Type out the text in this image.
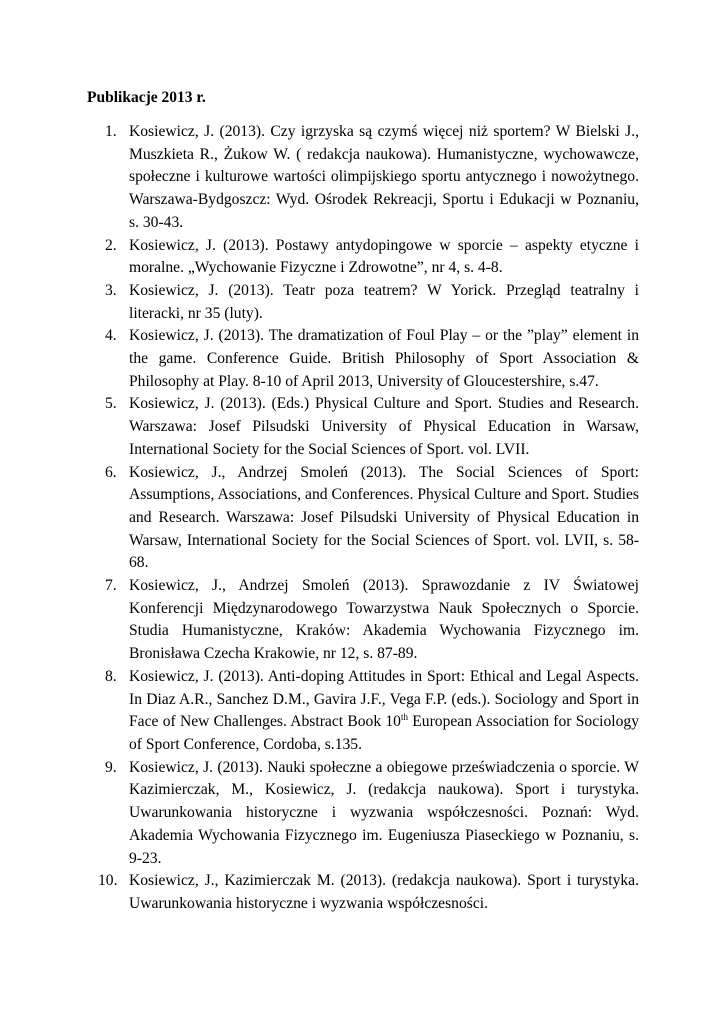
Publikacje 2013 r.
1. Kosiewicz, J. (2013). Czy igrzyska są czymś więcej niż sportem? W Bielski J., Muszkieta R., Żukow W. ( redakcja naukowa). Humanistyczne, wychowawcze, społeczne i kulturowe wartości olimpijskiego sportu antycznego i nowożytnego. Warszawa-Bydgoszcz: Wyd. Ośrodek Rekreacji, Sportu i Edukacji w Poznaniu, s. 30-43.
2. Kosiewicz, J. (2013). Postawy antydopingowe w sporcie – aspekty etyczne i moralne. „Wychowanie Fizyczne i Zdrowotne”, nr 4, s. 4-8.
3. Kosiewicz, J. (2013). Teatr poza teatrem? W Yorick. Przegląd teatralny i literacki, nr 35 (luty).
4. Kosiewicz, J. (2013). The dramatization of Foul Play – or the ”play” element in the game. Conference Guide. British Philosophy of Sport Association & Philosophy at Play. 8-10 of April 2013, University of Gloucestershire, s.47.
5. Kosiewicz, J. (2013). (Eds.) Physical Culture and Sport. Studies and Research. Warszawa: Josef Pilsudski University of Physical Education in Warsaw, International Society for the Social Sciences of Sport. vol. LVII.
6. Kosiewicz, J., Andrzej Smoleń (2013). The Social Sciences of Sport: Assumptions, Associations, and Conferences. Physical Culture and Sport. Studies and Research. Warszawa: Josef Pilsudski University of Physical Education in Warsaw, International Society for the Social Sciences of Sport. vol. LVII, s. 58-68.
7. Kosiewicz, J., Andrzej Smoleń (2013). Sprawozdanie z IV Światowej Konferencji Międzynarodowego Towarzystwa Nauk Społecznych o Sporcie. Studia Humanistyczne, Kraków: Akademia Wychowania Fizycznego im. Bronisława Czecha Krakowie, nr 12, s. 87-89.
8. Kosiewicz, J. (2013). Anti-doping Attitudes in Sport: Ethical and Legal Aspects. In Diaz A.R., Sanchez D.M., Gavira J.F., Vega F.P. (eds.). Sociology and Sport in Face of New Challenges. Abstract Book 10th European Association for Sociology of Sport Conference, Cordoba, s.135.
9. Kosiewicz, J. (2013). Nauki społeczne a obiegowe przeświadczenia o sporcie. W Kazimierczak, M., Kosiewicz, J. (redakcja naukowa). Sport i turystyka. Uwarunkowania historyczne i wyzwania współczesności. Poznań: Wyd. Akademia Wychowania Fizycznego im. Eugeniusza Piaseckiego w Poznaniu, s. 9-23.
10. Kosiewicz, J., Kazimierczak M. (2013). (redakcja naukowa). Sport i turystyka. Uwarunkowania historyczne i wyzwania współczesności.
